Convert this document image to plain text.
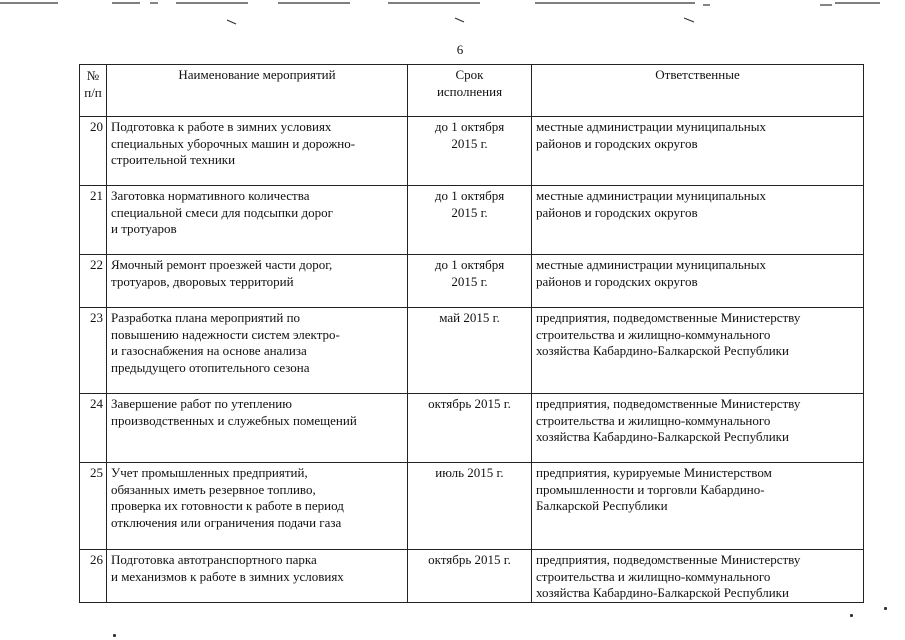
6
№
п/п	Наименование мероприятий	Срок
исполнения	Ответственные

20	Подготовка к работе в зимних условиях
специальных уборочных машин и дорожно-
строительной техники	до 1 октября
2015 г.	местные администрации муниципальных
районов и городских округов

21	Заготовка нормативного количества
специальной смеси для подсыпки дорог
и тротуаров	до 1 октября
2015 г.	местные администрации муниципальных
районов и городских округов

22	Ямочный ремонт проезжей части дорог,
тротуаров, дворовых территорий	до 1 октября
2015 г.	местные администрации муниципальных
районов и городских округов

23	Разработка плана мероприятий по
повышению надежности систем электро-
и газоснабжения на основе анализа
предыдущего отопительного сезона	май 2015 г.	предприятия, подведомственные Министерству
строительства и жилищно-коммунального
хозяйства Кабардино-Балкарской Республики

24	Завершение работ по утеплению
производственных и служебных помещений	октябрь 2015 г.	предприятия, подведомственные Министерству
строительства и жилищно-коммунального
хозяйства Кабардино-Балкарской Республики

25	Учет промышленных предприятий,
обязанных иметь резервное топливо,
проверка их готовности к работе в период
отключения или ограничения подачи газа	июль 2015 г.	предприятия, курируемые Министерством
промышленности и торговли Кабардино-
Балкарской Республики

26	Подготовка автотранспортного парка
и механизмов к работе в зимних условиях	октябрь 2015 г.	предприятия, подведомственные Министерству
строительства и жилищно-коммунального
хозяйства Кабардино-Балкарской Республики
